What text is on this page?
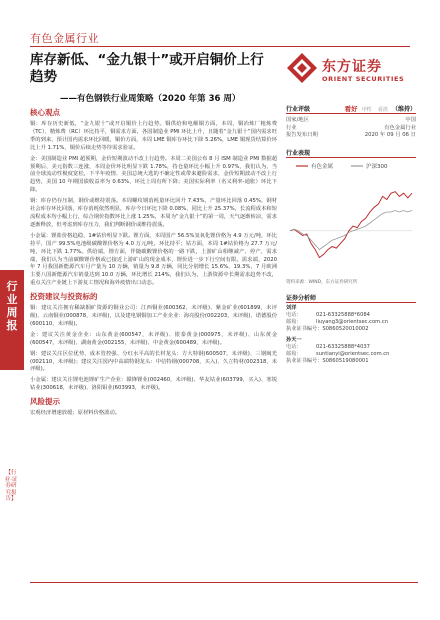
有色金属行业
库存新低、“金九银十”或开启铜价上行趋势
——有色钢铁行业周策略（2020 年第 36 周）
东方证券
ORIENT SECURITIES
行业周报
【行业·证券研究报告】
核心观点

铜：库存历史新低，“金九银十”或开启铜价上行趋势。铜供给和电解铜方面，本周，铜冶炼厂粗炼费（TC）、精炼费（RC）环比持平，铜需求方面，各国制造业 PMI 环比上升，且随着“金九银十”国内需求旺季的到来，预计国内需求环比回暖，铜价方面，本周 LME 铜库存环比下降 5.26%，LME 铜现货结算价环比上升 1.71%，铜价后续走势等待需求验证。

金：美国制造业 PMI 超预期，金价短期波动不改上行趋势。本周二美国公布 8 月 ISM 制造业 PMI 数据超预期后，美元指数三连涨，本周金价环比明显下跌 1.78%，持仓量环比小幅上升 0.97%，我们认为，当前全球流动性极度宽松，下半年疫情、美国总统大选的不确定性或带来避险需求，金价短期波动不改上行趋势，美国 10 年期国债收益率为 0.63%，环比上周有所下降；美国实际利率（名义利率-通胀）环比下降。

钢：库存仍存压制，钢价或维持震荡。本周螺纹钢消耗量环比回升 7.43%，产量环比回落 0.45%，钢材社会库存环比回落，库存消耗依然明显，库存今日环比下降 0.08%，同比上升 25.37%，长流程成本和短流程成本均小幅上行，综合钢价指数环比上涨 1.25%，本周为“金九银十”的第一周，天气逐渐转凉，需求逐渐释放，但考虑到库存压力，我们判断钢价或维持震荡。

小金属：锂盐价格趋稳，1#钴价明显下跌。锂方面，本周国产 56.5%氢氧化锂价格为 4.9 万元/吨，环比持平，国产 99.5%电池级碳酸锂价格为 4.0 万元/吨，环比持平；钴方面，本周 1#钴价格为 27.7 万元/吨，环比下跌 1.77%。供给端，锂方面，伴随碳酸锂价格的一路下跌，上游矿山相继减产、停产，需求端，我们认为当前碳酸锂价格或已接近上游矿山的现金成本，锂价进一步下行空间有限。需求端，2020 年 7 月我国新能源汽车月产量为 10 万辆，销量为 9.8 万辆，同比分别增长 15.6%、19.3%，7 月欧洲主要八国新能源汽车销量达到 10.0 万辆，环比增长 214%，我们认为，上游资源中长期需求趋势不改，重点关注产业链上下游复工情况和海外疫情出口动态。

投资建议与投资标的

铜：建议关注拥有稀缺铜矿资源的铜业公司：江西铜业(600362，未评级)、紫金矿业(601899，未评级)、云南铜业(000878，未评级)，以及建电钢铜加工产业企业：海亮股份(002203，未评级)、诺德股份(600110，未评级)。

金：建议关注黄金企业：山东黄金(600547，未评级)、银泰黄金(000975，未评级)、山东黄金(600547，未评级)、湖南黄金(002155，未评级)、中金黄金(600489，未评级)。

钢：建议关注区位优势、成本管控强、分红水平高的长材龙头：方大特钢(600507，未评级)、三钢闽光(002110，未评级)；建议关注国内中高端特钢龙头：中信特钢(000708，买入)、久立特材(002318，未评级)。

小金属：建议关注锂电池锂矿生产企业：赣锋锂业(002460，未评级)、华友钴业(603799，买入)、寒锐钴业(300618，未评级)、洛阳钼业(603993，未评级)。

风险提示

宏观经济增速放缓；原材料价格波动。

行业评级	看好 中性 看淡 （维持）
国家/地区	中国
行业	有色金属行业
报告发布日期	2020 年 09 月 06 日
行业表现
有色金属	沪深300
资料来源：WIND，东方证券研究所
证券分析师
刘洋
电话：	021-63325888*6084
邮箱：	liuyang3@orientsec.com.cn
执业证书编号：S0860520010002
孙天一
电话：	021-63325888*4037
邮箱：	suntianyi@orientsec.com.cn
执业证书编号：S0860519080001
